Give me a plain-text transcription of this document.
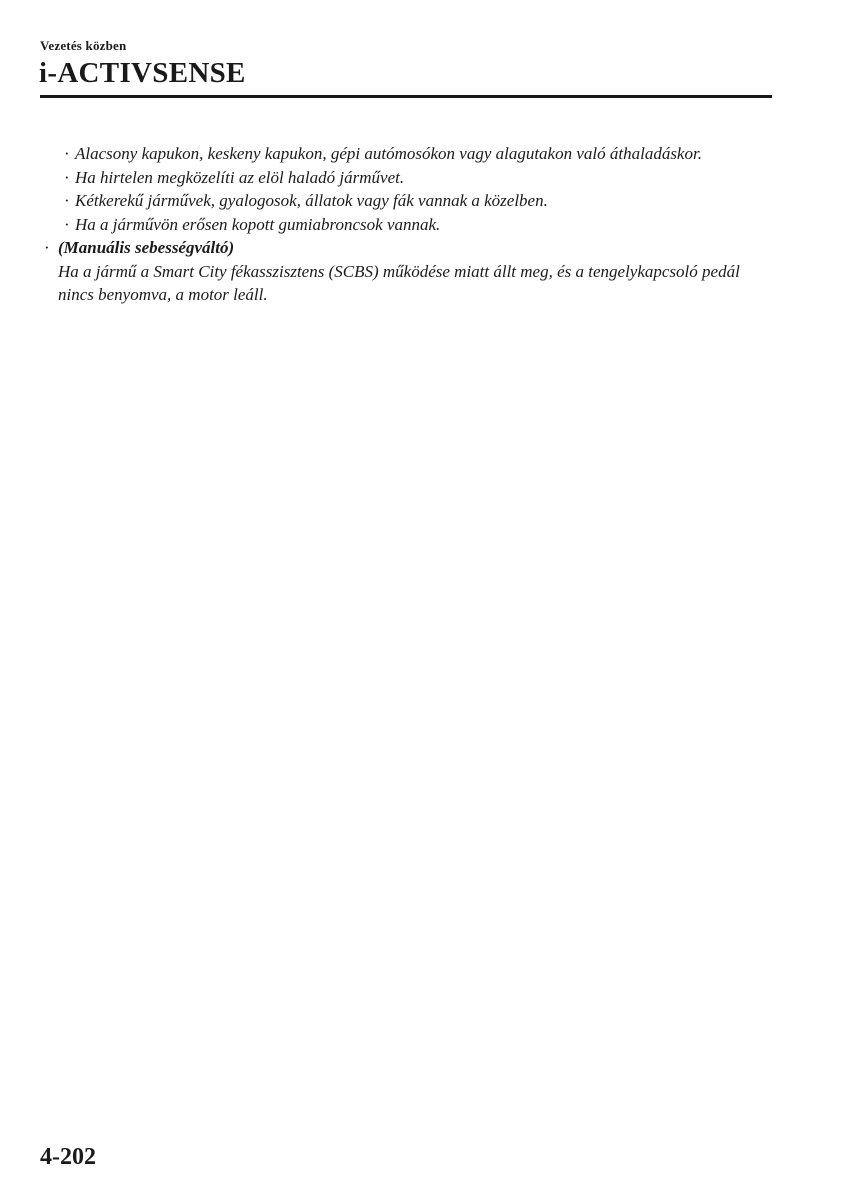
Vezetés közben
i-ACTIVSENSE
· Alacsony kapukon, keskeny kapukon, gépi autómosókon vagy alagutakon való áthaladáskor.
· Ha hirtelen megközelíti az elöl haladó járművet.
· Kétkerekű járművek, gyalogosok, állatok vagy fák vannak a közelben.
· Ha a járművön erősen kopott gumiabroncsok vannak.
· (Manuális sebességváltó)
Ha a jármű a Smart City fékasszisztens (SCBS) működése miatt állt meg, és a tengelykapcsoló pedál nincs benyomva, a motor leáll.
4-202
